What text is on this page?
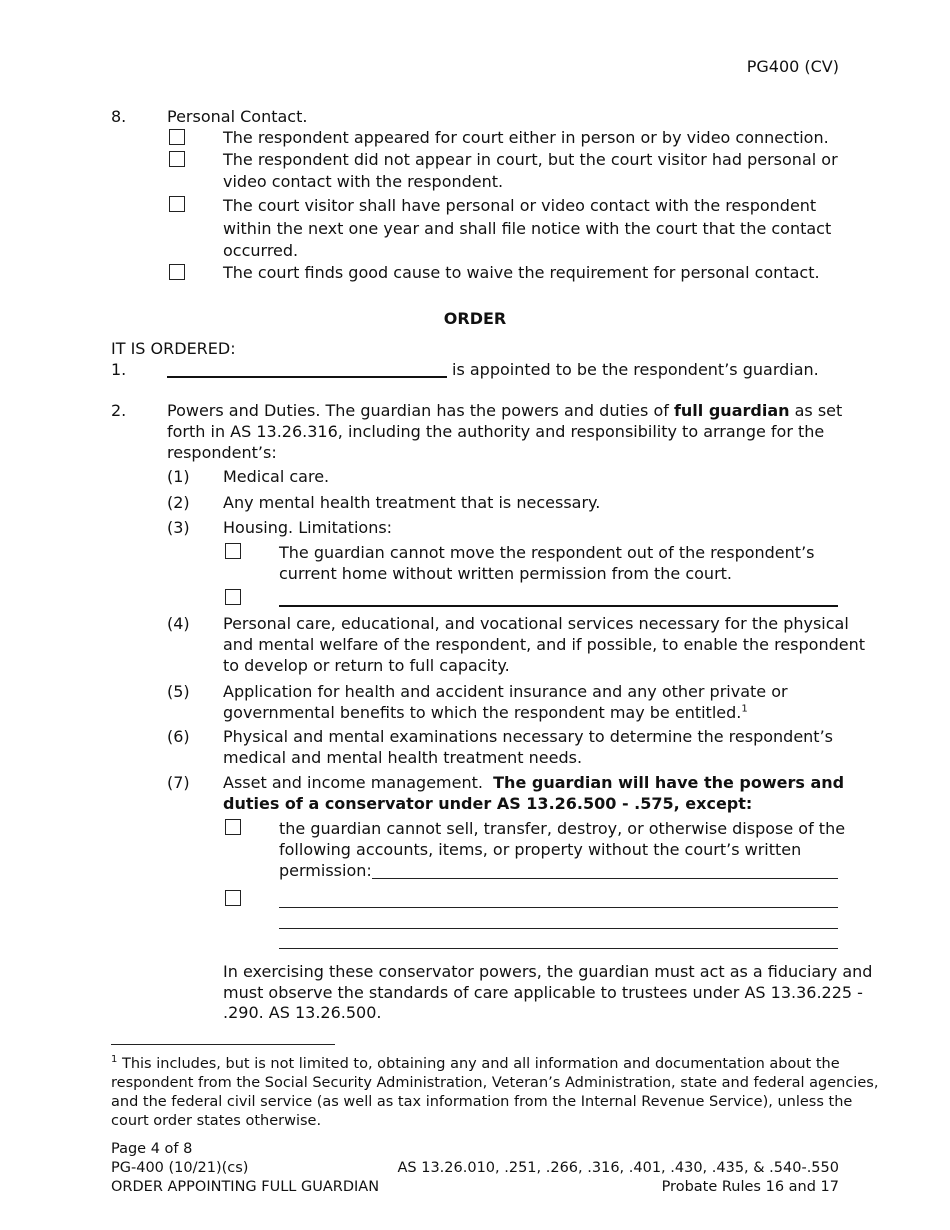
PG400 (CV)
8.	Personal Contact.
The respondent appeared for court either in person or by video connection.
The respondent did not appear in court, but the court visitor had personal or
video contact with the respondent.
The court visitor shall have personal or video contact with the respondent
within the next one year and shall file notice with the court that the contact
occurred.
The court finds good cause to waive the requirement for personal contact.
ORDER
IT IS ORDERED:
1.	is appointed to be the respondent’s guardian.
2.	Powers and Duties. The guardian has the powers and duties of full guardian as set
forth in AS 13.26.316, including the authority and responsibility to arrange for the
respondent’s:
(1) Medical care.
(2) Any mental health treatment that is necessary.
(3) Housing. Limitations:
The guardian cannot move the respondent out of the respondent’s
current home without written permission from the court.
(4) Personal care, educational, and vocational services necessary for the physical
and mental welfare of the respondent, and if possible, to enable the respondent
to develop or return to full capacity.
(5) Application for health and accident insurance and any other private or
governmental benefits to which the respondent may be entitled.$^1$
(6) Physical and mental examinations necessary to determine the respondent’s
medical and mental health treatment needs.
(7) Asset and income management. The guardian will have the powers and
duties of a conservator under AS 13.26.500 - .575, except:
the guardian cannot sell, transfer, destroy, or otherwise dispose of the
following accounts, items, or property without the court’s written
permission:
In exercising these conservator powers, the guardian must act as a fiduciary and
must observe the standards of care applicable to trustees under AS 13.36.225 -
.290. AS 13.26.500.
$^1$ This includes, but is not limited to, obtaining any and all information and documentation about the
respondent from the Social Security Administration, Veteran’s Administration, state and federal agencies,
and the federal civil service (as well as tax information from the Internal Revenue Service), unless the
court order states otherwise.
Page 4 of 8
PG-400 (10/21)(cs)
ORDER APPOINTING FULL GUARDIAN
AS 13.26.010, .251, .266, .316, .401, .430, .435, & .540-.550
Probate Rules 16 and 17
